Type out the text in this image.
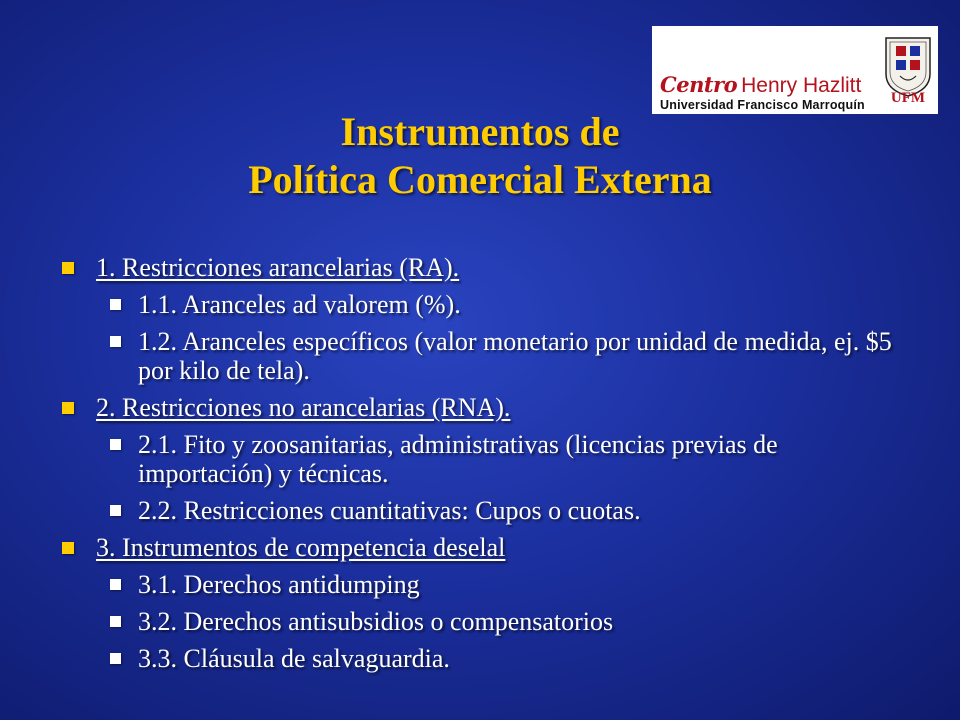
Centro Henry Hazlitt
Universidad Francisco Marroquín	UFM
Instrumentos de
Política Comercial Externa
1. Restricciones arancelarias (RA).
1.1. Aranceles ad valorem (%).
1.2. Aranceles específicos (valor monetario por unidad de medida, ej. $5 por kilo de tela).
2. Restricciones no arancelarias (RNA).
2.1. Fito y zoosanitarias, administrativas (licencias previas de importación) y técnicas.
2.2. Restricciones cuantitativas: Cupos o cuotas.
3. Instrumentos de competencia deselal
3.1. Derechos antidumping
3.2. Derechos antisubsidios o compensatorios
3.3. Cláusula de salvaguardia.
